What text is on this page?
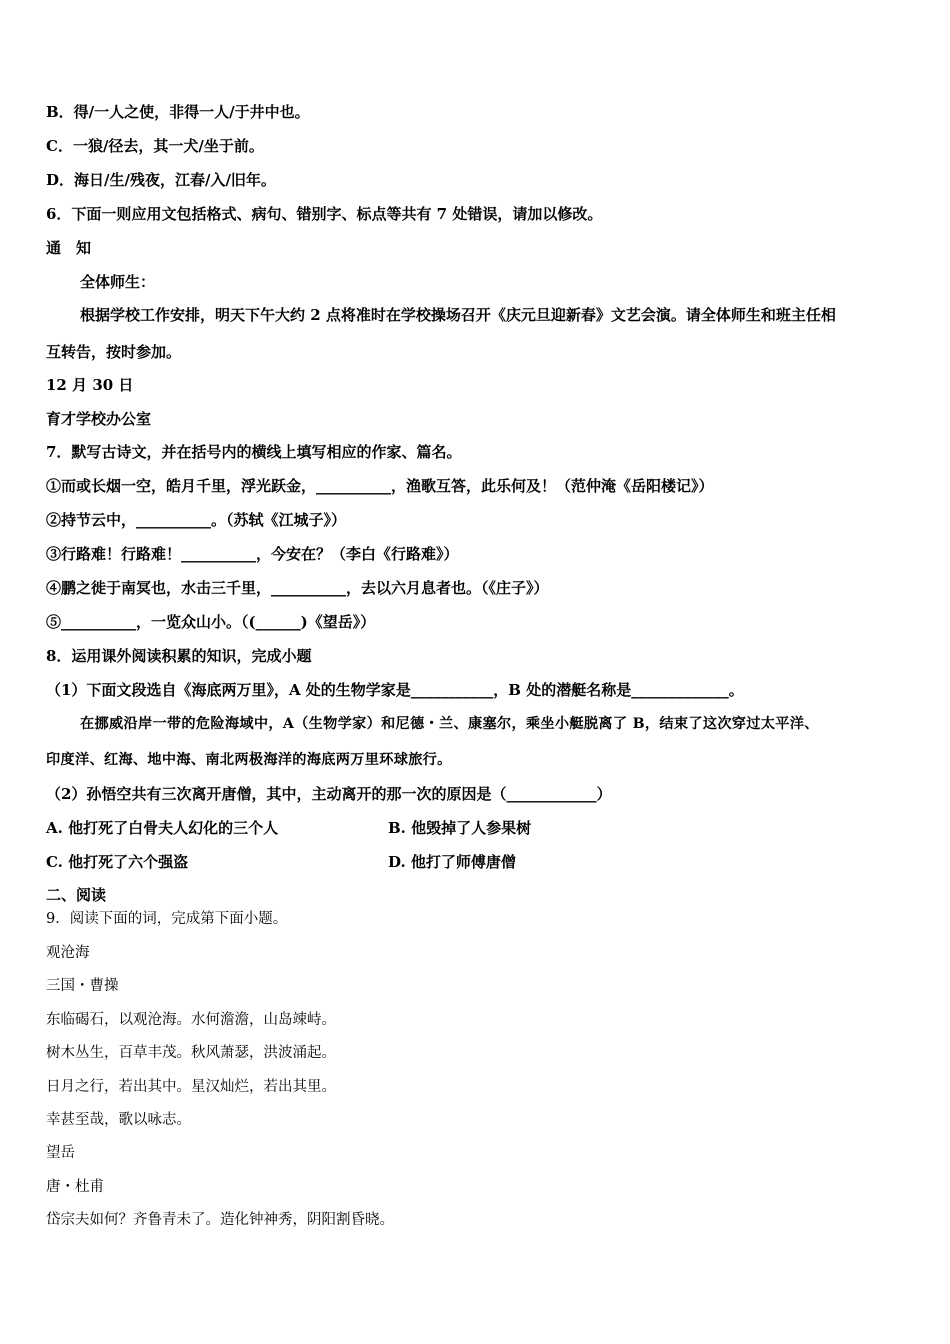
B．得/一人之使，非得一人/于井中也。
C．一狼/径去，其一犬/坐于前。
D．海日/生/残夜，江春/入/旧年。
6．下面一则应用文包括格式、病句、错别字、标点等共有 7 处错误，请加以修改。
通　知
全体师生：
根据学校工作安排，明天下午大约 2 点将准时在学校操场召开《庆元旦迎新春》文艺会演。请全体师生和班主任相
互转告，按时参加。
12 月 30 日
育才学校办公室
7．默写古诗文，并在括号内的横线上填写相应的作家、篇名。
①而或长烟一空，皓月千里，浮光跃金，__________，渔歌互答，此乐何及！（范仲淹《岳阳楼记》）
②持节云中，__________。（苏轼《江城子》）
③行路难！行路难！__________，今安在？（李白《行路难》）
④鹏之徙于南冥也，水击三千里，__________，去以六月息者也。（《庄子》）
⑤__________，一览众山小。（(______)《望岳》）
8．运用课外阅读积累的知识，完成小题
（1）下面文段选自《海底两万里》，A 处的生物学家是___________，B 处的潜艇名称是_____________。
在挪威沿岸一带的危险海域中，A（生物学家）和尼德・兰、康塞尔，乘坐小艇脱离了 B，结束了这次穿过太平洋、
印度洋、红海、地中海、南北两极海洋的海底两万里环球旅行。
（2）孙悟空共有三次离开唐僧，其中，主动离开的那一次的原因是（____________）
A. 他打死了白骨夫人幻化的三个人	B. 他毁掉了人参果树
C. 他打死了六个强盗	D. 他打了师傅唐僧
二、阅读
9．阅读下面的词，完成第下面小题。
观沧海
三国・曹操
东临碣石，以观沧海。水何澹澹，山岛竦峙。
树木丛生，百草丰茂。秋风萧瑟，洪波涌起。
日月之行，若出其中。星汉灿烂，若出其里。
幸甚至哉，歌以咏志。
望岳
唐・杜甫
岱宗夫如何？齐鲁青未了。造化钟神秀，阴阳割昏晓。
